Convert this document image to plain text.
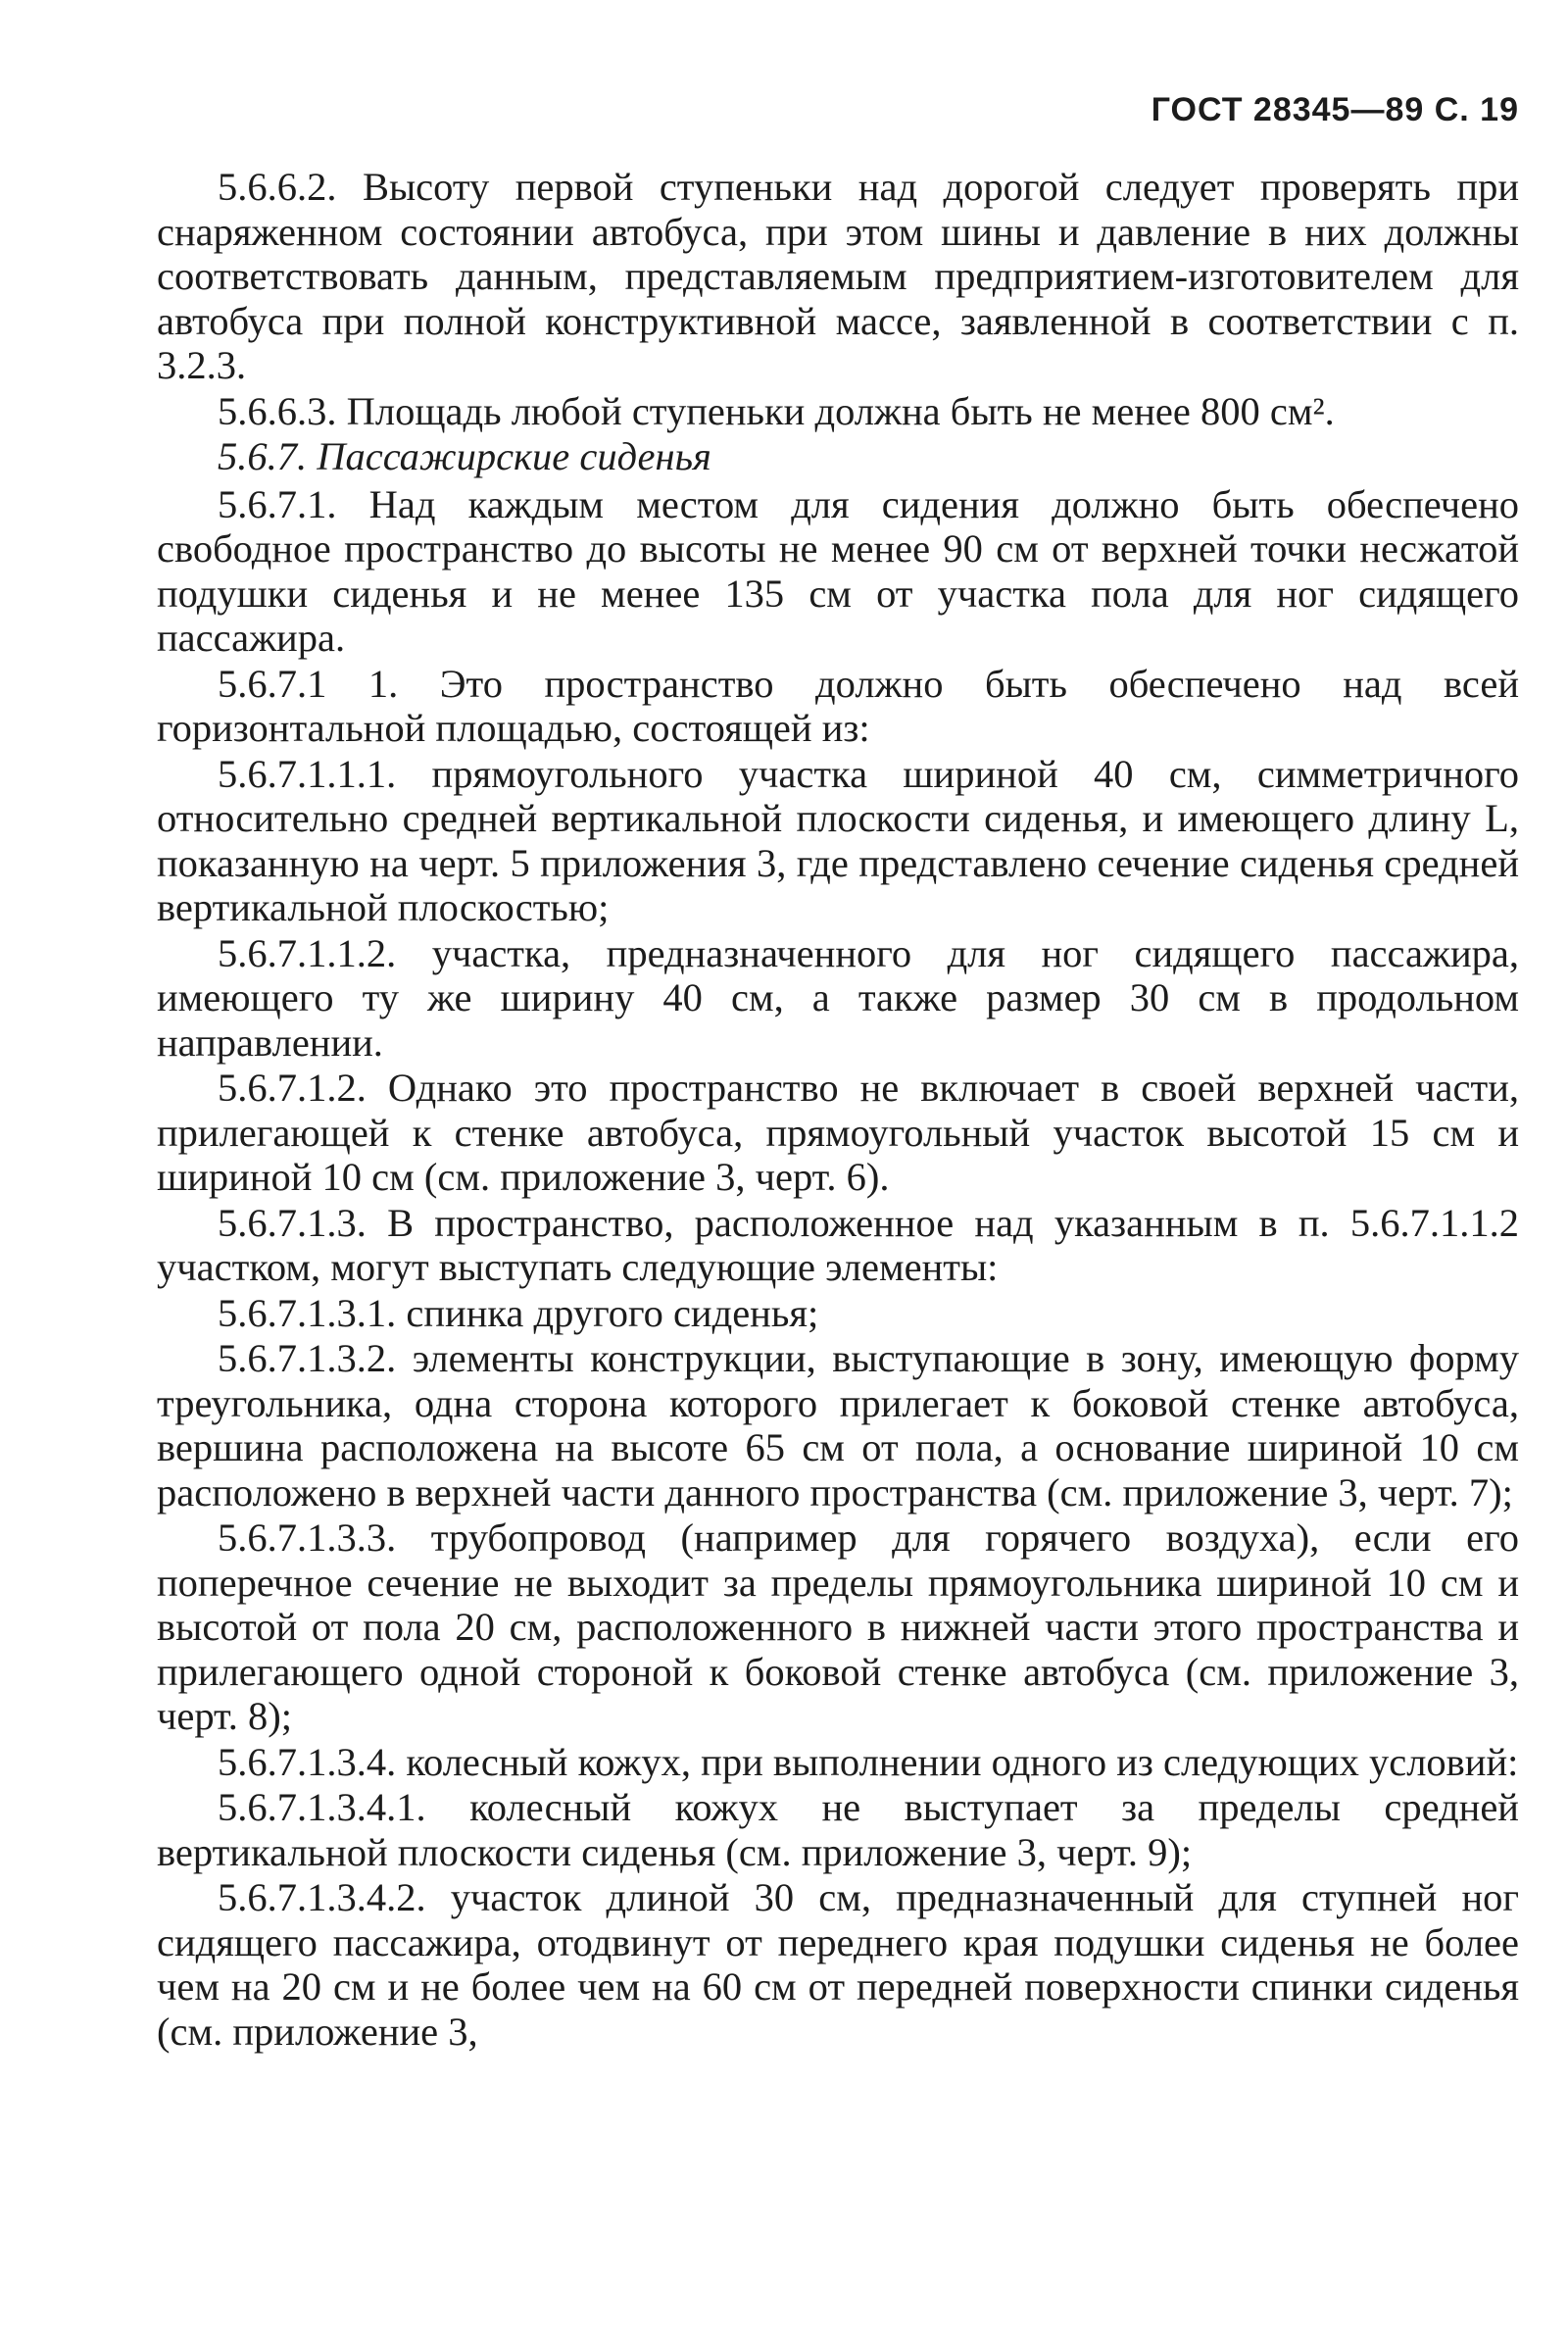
ГОСТ 28345—89 С. 19

5.6.6.2. Высоту первой ступеньки над дорогой следует проверять при снаряженном состоянии автобуса, при этом шины и давление в них должны соответствовать данным, представляемым предприятием-изготовителем для автобуса при полной конструктивной массе, заявленной в соответствии с п. 3.2.3.

5.6.6.3. Площадь любой ступеньки должна быть не менее 800 см².

5.6.7. Пассажирские сиденья

5.6.7.1. Над каждым местом для сидения должно быть обеспечено свободное пространство до высоты не менее 90 см от верхней точки несжатой подушки сиденья и не менее 135 см от участка пола для ног сидящего пассажира.

5.6.7.1 1. Это пространство должно быть обеспечено над всей горизонтальной площадью, состоящей из:

5.6.7.1.1.1. прямоугольного участка шириной 40 см, симметричного относительно средней вертикальной плоскости сиденья, и имеющего длину L, показанную на черт. 5 приложения 3, где представлено сечение сиденья средней вертикальной плоскостью;

5.6.7.1.1.2. участка, предназначенного для ног сидящего пассажира, имеющего ту же ширину 40 см, а также размер 30 см в продольном направлении.

5.6.7.1.2. Однако это пространство не включает в своей верхней части, прилегающей к стенке автобуса, прямоугольный участок высотой 15 см и шириной 10 см (см. приложение 3, черт. 6).

5.6.7.1.3. В пространство, расположенное над указанным в п. 5.6.7.1.1.2 участком, могут выступать следующие элементы:

5.6.7.1.3.1. спинка другого сиденья;

5.6.7.1.3.2. элементы конструкции, выступающие в зону, имеющую форму треугольника, одна сторона которого прилегает к боковой стенке автобуса, вершина расположена на высоте 65 см от пола, а основание шириной 10 см расположено в верхней части данного пространства (см. приложение 3, черт. 7);

5.6.7.1.3.3. трубопровод (например для горячего воздуха), если его поперечное сечение не выходит за пределы прямоугольника шириной 10 см и высотой от пола 20 см, расположенного в нижней части этого пространства и прилегающего одной стороной к боковой стенке автобуса (см. приложение 3, черт. 8);

5.6.7.1.3.4. колесный кожух, при выполнении одного из следующих условий:

5.6.7.1.3.4.1. колесный кожух не выступает за пределы средней вертикальной плоскости сиденья (см. приложение 3, черт. 9);

5.6.7.1.3.4.2. участок длиной 30 см, предназначенный для ступней ног сидящего пассажира, отодвинут от переднего края подушки сиденья не более чем на 20 см и не более чем на 60 см от передней поверхности спинки сиденья (см. приложение 3,
